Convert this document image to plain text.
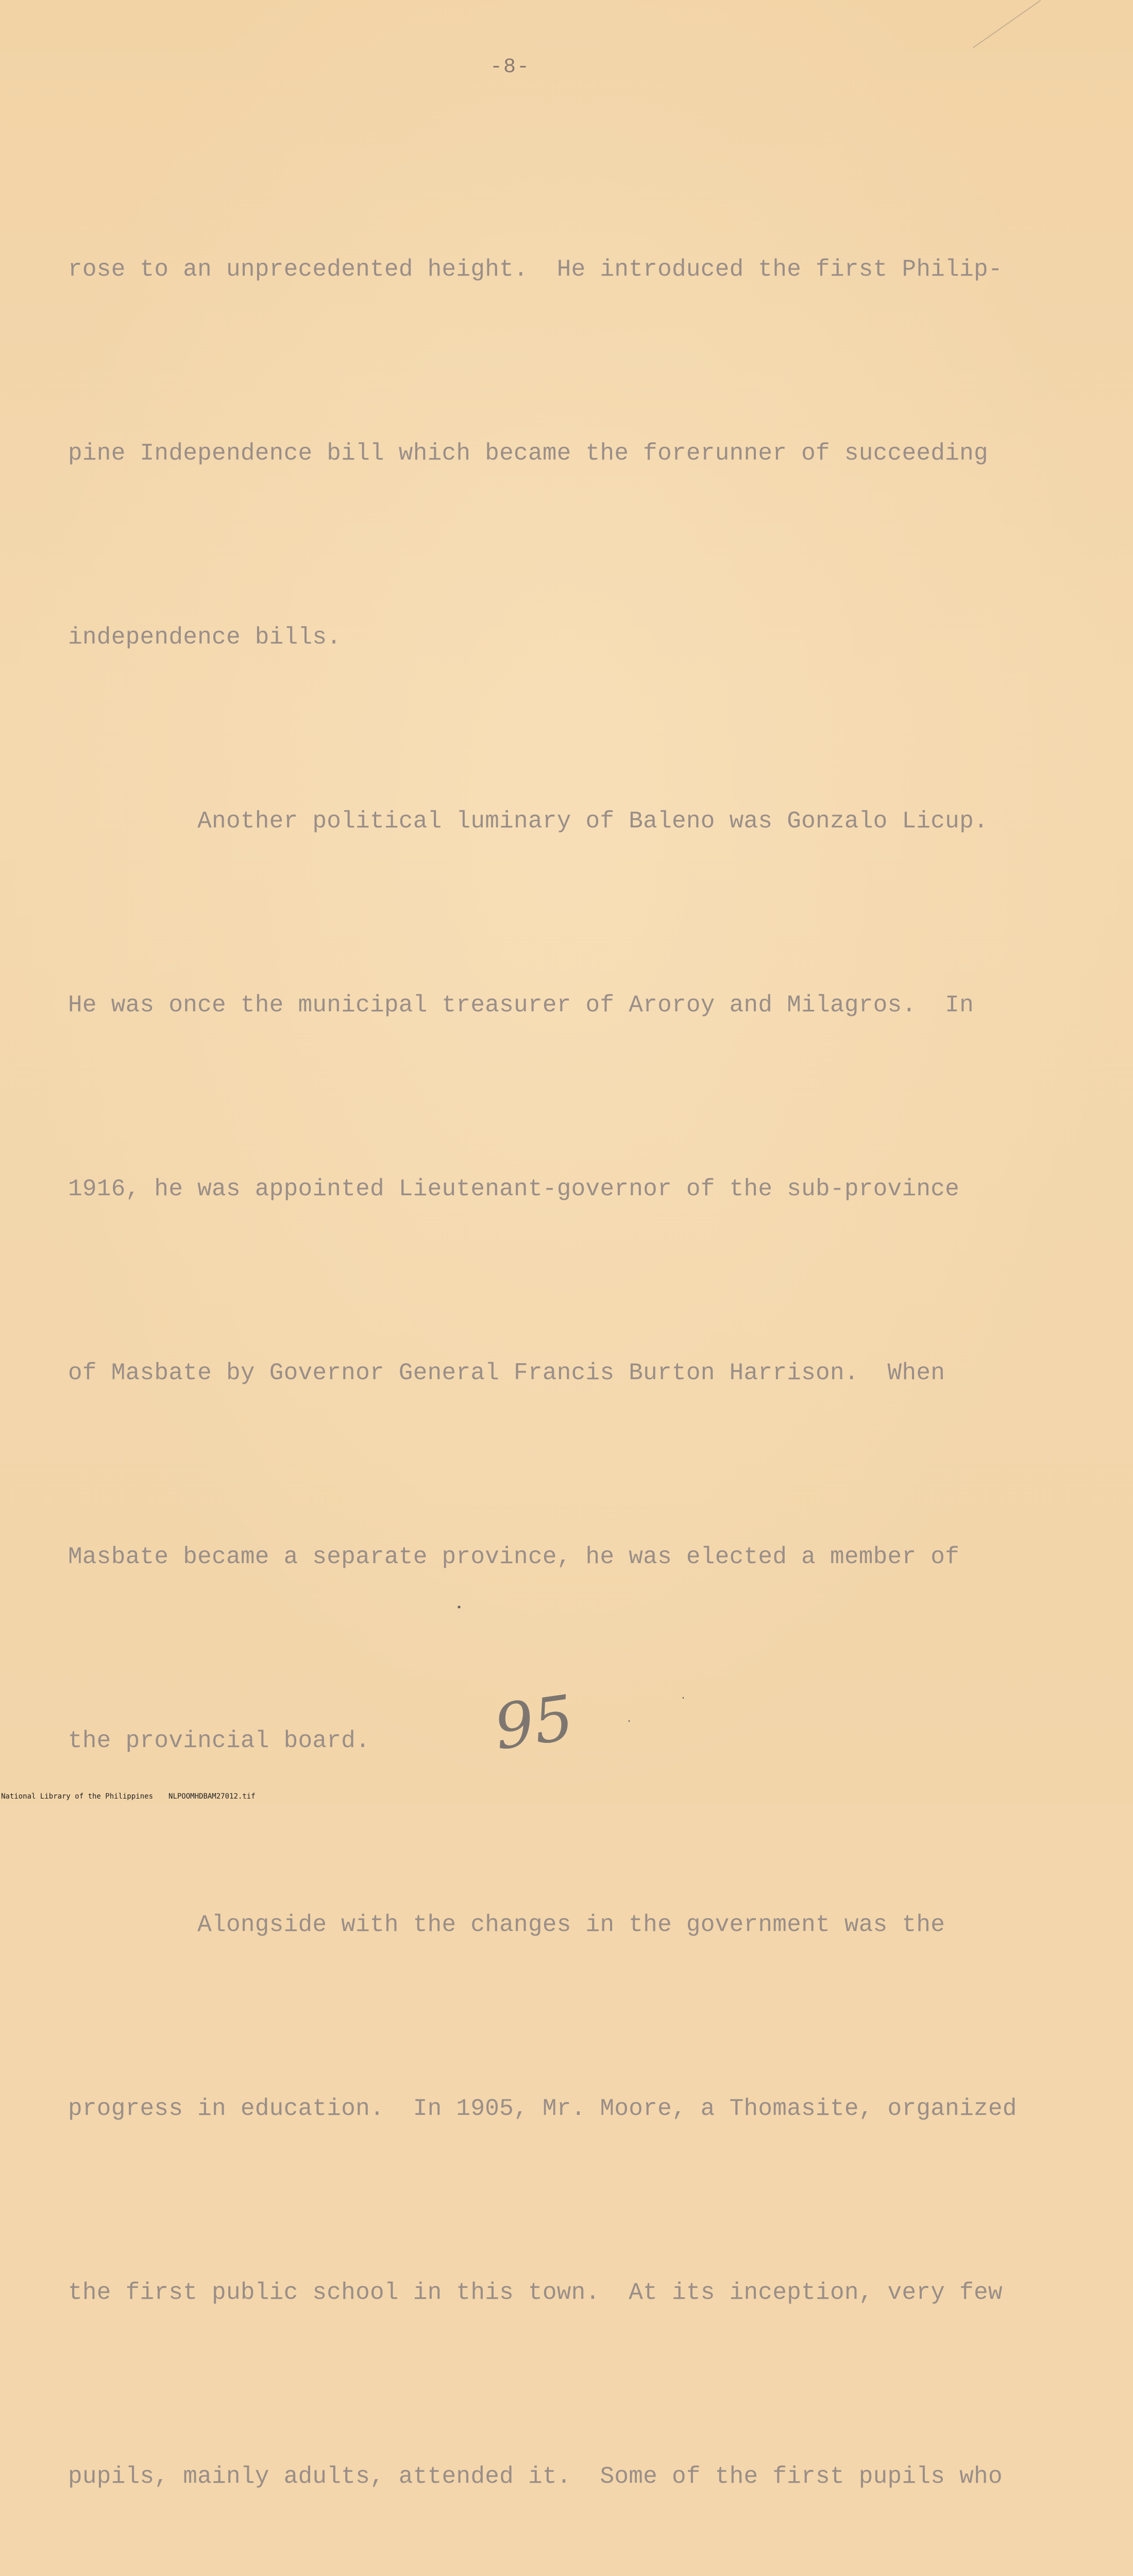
-8-

rose to an unprecedented height.  He introduced the first Philip-

pine Independence bill which became the forerunner of succeeding

independence bills.

Another political luminary of Baleno was Gonzalo Licup.

He was once the municipal treasurer of Aroroy and Milagros.  In

1916, he was appointed Lieutenant-governor of the sub-province

of Masbate by Governor General Francis Burton Harrison.  When

Masbate became a separate province, he was elected a member of

the provincial board.

Alongside with the changes in the government was the

progress in education.  In 1905, Mr. Moore, a Thomasite, organized

the first public school in this town.  At its inception, very few

pupils, mainly adults, attended it.  Some of the first pupils who

•
·
·
95
National Library of the Philippines NLPOOMHDBAM27012.tif
